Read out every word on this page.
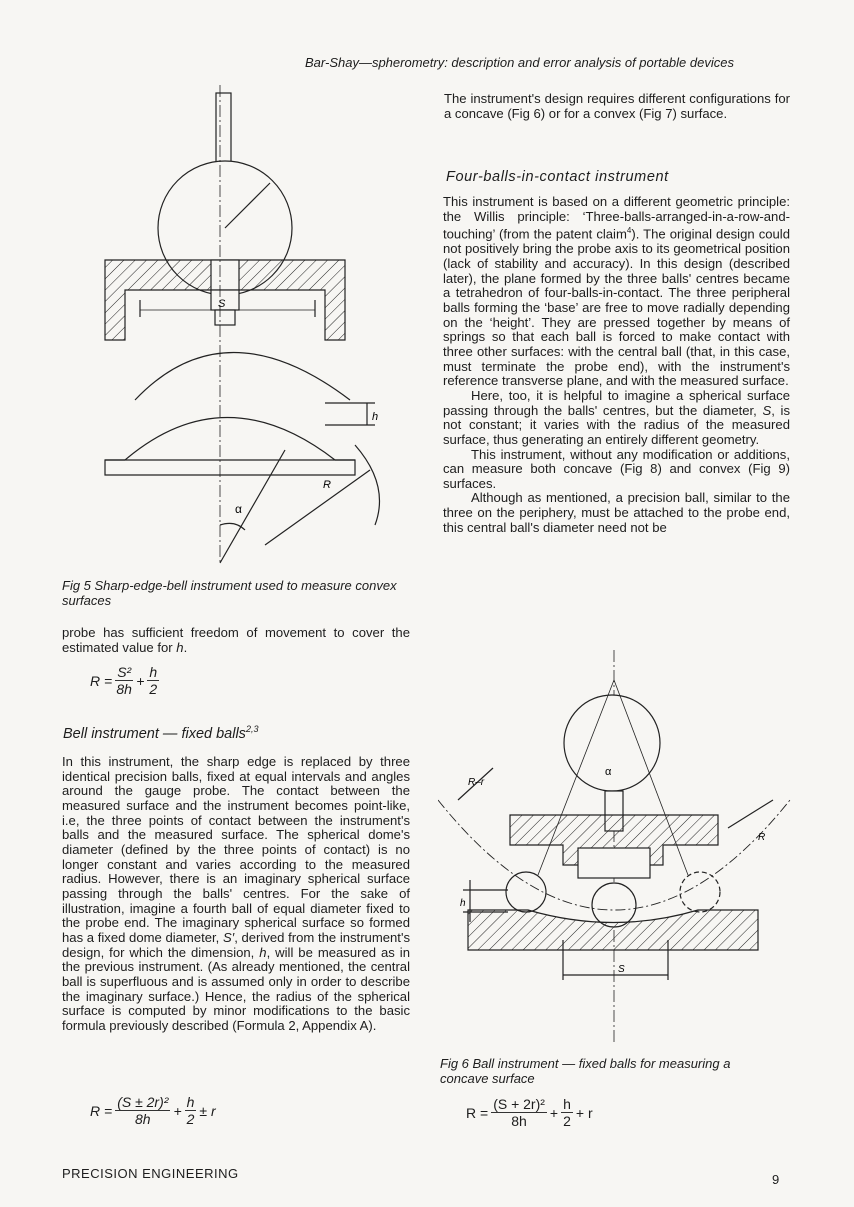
Bar-Shay—spherometry: description and error analysis of portable devices

The instrument's design requires different configurations for a concave (Fig 6) or for a convex (Fig 7) surface.

Four-balls-in-contact instrument

This instrument is based on a different geometric principle: the Willis principle: ‘Three-balls-arranged-in-a-row-and-touching’ (from the patent claim$^4$). The original design could not positively bring the probe axis to its geometrical position (lack of stability and accuracy). In this design (described later), the plane formed by the three balls' centres became a tetrahedron of four-balls-in-contact. The three peripheral balls forming the ‘base’ are free to move radially depending on the ‘height’. They are pressed together by means of springs so that each ball is forced to make contact with three other surfaces: with the central ball (that, in this case, must terminate the probe end), with the instrument's reference transverse plane, and with the measured surface.

Here, too, it is helpful to imagine a spherical surface passing through the balls' centres, but the diameter, S, is not constant; it varies with the radius of the measured surface, thus generating an entirely different geometry.

This instrument, without any modification or additions, can measure both concave (Fig 8) and convex (Fig 9) surfaces.

Although as mentioned, a precision ball, similar to the three on the periphery, must be attached to the probe end, this central ball's diameter need not be

S
h
α
R
Fig 5 Sharp-edge-bell instrument used to measure convex surfaces

probe has sufficient freedom of movement to cover the estimated value for h.

$R = \frac{\text{S²}}{8h} + \frac{h}{2}$
Bell instrument — fixed balls$^{2,3}$

In this instrument, the sharp edge is replaced by three identical precision balls, fixed at equal intervals and angles around the gauge probe. The contact between the measured surface and the instrument becomes point-like, i.e, the three points of contact between the instrument's balls and the measured surface. The spherical dome's diameter (defined by the three points of contact) is no longer constant and varies according to the measured radius. However, there is an imaginary spherical surface passing through the balls' centres. For the sake of illustration, imagine a fourth ball of equal diameter fixed to the probe end. The imaginary spherical surface so formed has a fixed dome diameter, S′, derived from the instrument's design, for which the dimension, h, will be measured as in the previous instrument. (As already mentioned, the central ball is superfluous and is assumed only in order to describe the imaginary surface.) Hence, the radius of the spherical surface is computed by minor modifications to the basic formula previously described (Formula 2, Appendix A).

$R = \frac{\text{(S ± 2r)²}}{8h} + \frac{h}{2} \pm r$
R–r
α
R
h
S
Fig 6 Ball instrument — fixed balls for measuring a concave surface
$R = \frac{\text{(S + 2r)²}}{8h} + \frac{h}{2} + r$
PRECISION ENGINEERING	9
